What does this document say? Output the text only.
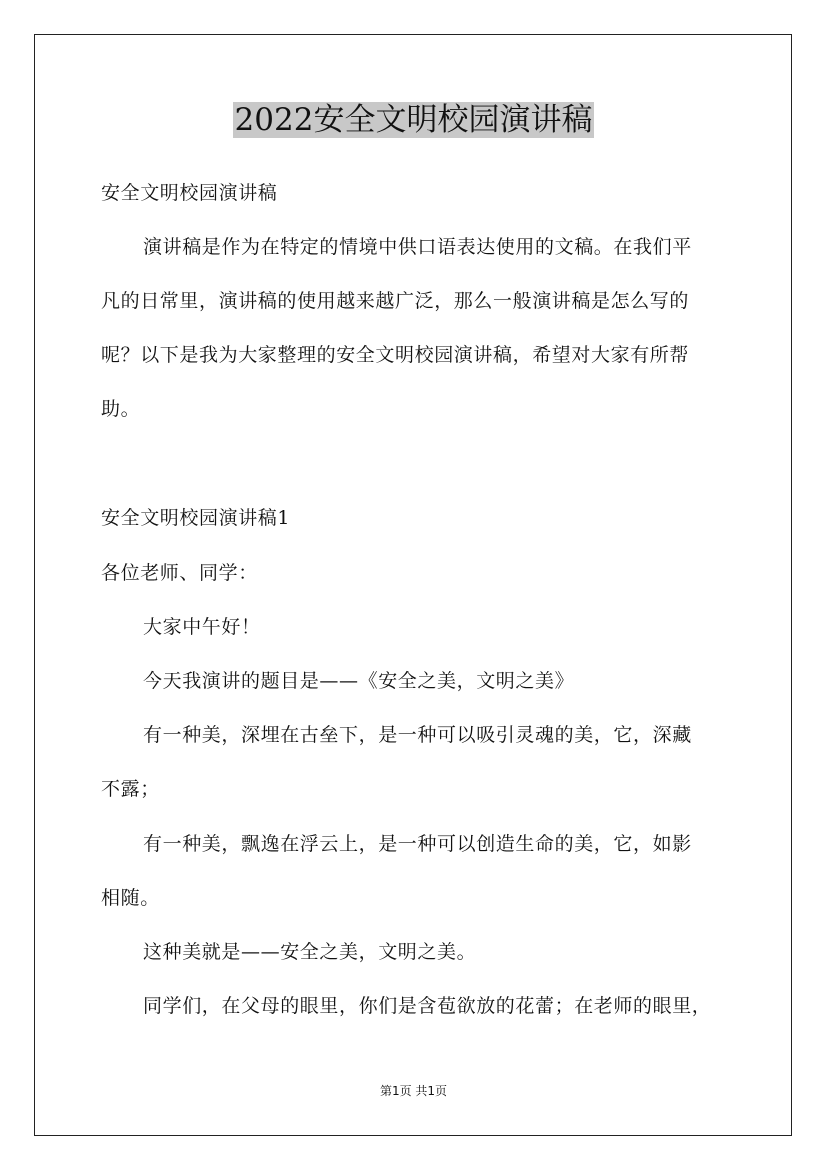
2022安全文明校园演讲稿
安全文明校园演讲稿
演讲稿是作为在特定的情境中供口语表达使用的文稿。在我们平
凡的日常里，演讲稿的使用越来越广泛，那么一般演讲稿是怎么写的
呢？以下是我为大家整理的安全文明校园演讲稿，希望对大家有所帮
助。
安全文明校园演讲稿1
各位老师、同学：
大家中午好！
今天我演讲的题目是——《安全之美，文明之美》
有一种美，深埋在古垒下，是一种可以吸引灵魂的美，它，深藏
不露；
有一种美，飘逸在浮云上，是一种可以创造生命的美，它，如影
相随。
这种美就是——安全之美，文明之美。
同学们，在父母的眼里，你们是含苞欲放的花蕾；在老师的眼里，
第1页 共1页
